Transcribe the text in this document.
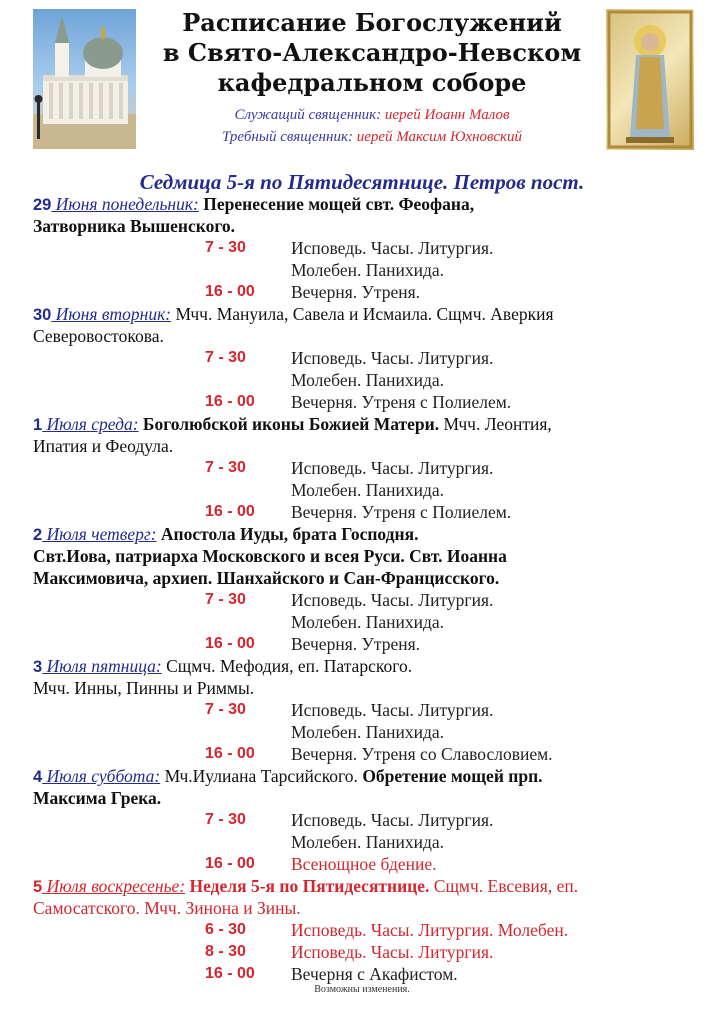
Расписание Богослужений
в Свято-Александро-Невском
кафедральном соборе
Служащий священник: иерей Иоанн Малов
Требный священник: иерей Максим Юхновский
Седмица 5-я по Пятидесятнице. Петров пост.
29 Июня понедельник: Перенесение мощей свт. Феофана,
Затворника Вышенского.
7 - 30	Исповедь. Часы. Литургия.
Молебен. Панихида.
16 - 00	Вечерня. Утреня.
30 Июня вторник: Мчч. Мануила, Савела и Исмаила. Сщмч. Аверкия
Северовостокова.
7 - 30	Исповедь. Часы. Литургия.
Молебен. Панихида.
16 - 00	Вечерня. Утреня с Полиелем.
1 Июля среда: Боголюбской иконы Божией Матери. Мчч. Леонтия,
Ипатия и Феодула.
7 - 30	Исповедь. Часы. Литургия.
Молебен. Панихида.
16 - 00	Вечерня. Утреня с Полиелем.
2 Июля четверг: Апостола Иуды, брата Господня.
Свт.Иова, патриарха Московского и всея Руси. Свт. Иоанна
Максимовича, архиеп. Шанхайского и Сан-Францисского.
7 - 30	Исповедь. Часы. Литургия.
Молебен. Панихида.
16 - 00	Вечерня. Утреня.
3 Июля пятница: Сщмч. Мефодия, еп. Патарского.
Мчч. Инны, Пинны и Риммы.
7 - 30	Исповедь. Часы. Литургия.
Молебен. Панихида.
16 - 00	Вечерня. Утреня со Славословием.
4 Июля суббота: Мч.Иулиана Тарсийского. Обретение мощей прп.
Максима Грека.
7 - 30	Исповедь. Часы. Литургия.
Молебен. Панихида.
16 - 00	Всенощное бдение.
5 Июля воскресенье: Неделя 5-я по Пятидесятнице. Сщмч. Евсевия, еп.
Самосатского. Мчч. Зинона и Зины.
6 - 30	Исповедь. Часы. Литургия. Молебен.
8 - 30	Исповедь. Часы. Литургия.
16 - 00	Вечерня с Акафистом.
Возможны изменения.
